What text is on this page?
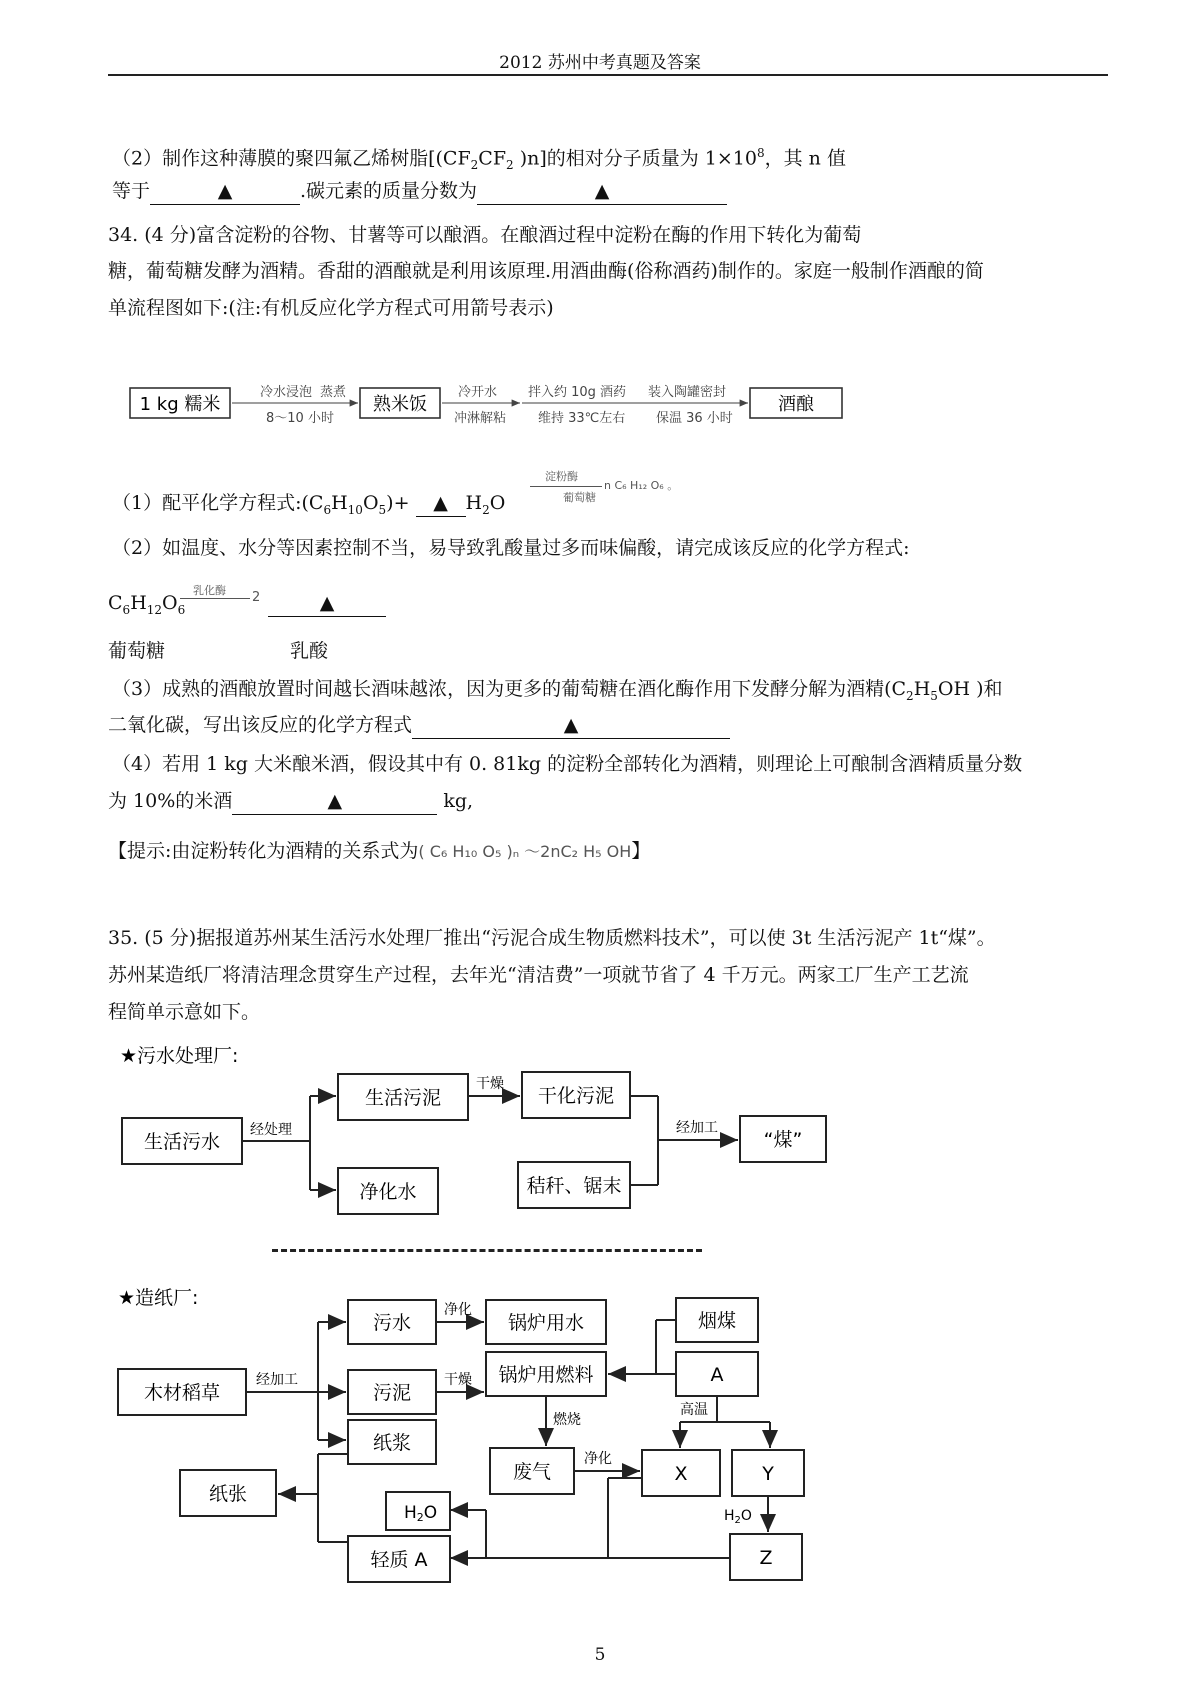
2012 苏州中考真题及答案
（2）制作这种薄膜的聚四氟乙烯树脂[($CF_2CF_2$ )n]的相对分子质量为 $1\times 10^8$，其 n 值
等于	▲	.碳元素的质量分数为	▲
34. (4 分)富含淀粉的谷物、甘薯等可以酿酒。在酿酒过程中淀粉在酶的作用下转化为葡萄
糖，葡萄糖发酵为酒精。香甜的酒酿就是利用该原理.用酒曲酶(俗称酒药)制作的。家庭一般制作酒酿的简
单流程图如下:(注:有机反应化学方程式可用箭号表示)
1 kg 糯米
冷水浸泡 蒸煮
8～10 小时
熟米饭
冷开水
冲淋解粘
拌入约 10g 酒药
维持 33℃左右
装入陶罐密封
保温 36 小时
酒酿
（1）配平化学方程式$:(C_6H_{10}O_5)+$ ▲ $H_2O$
淀粉酶
n C₆ H₁₂ O₆ 。
葡萄糖
（2）如温度、水分等因素控制不当，易导致乳酸量过多而味偏酸，请完成该反应的化学方程式:
$C_6H_{12}O_6$
乳化酶 2	▲
葡萄糖	乳酸
（3）成熟的酒酿放置时间越长酒味越浓，因为更多的葡萄糖在酒化酶作用下发酵分解为酒精($C_2H_5OH$ )和
二氧化碳，写出该反应的化学方程式	▲
（4）若用 1 kg 大米酿米酒，假设其中有 0. 81kg 的淀粉全部转化为酒精，则理论上可酿制含酒精质量分数
为 10%的米酒	▲	kg,
【提示:由淀粉转化为酒精的关系式为( C₆ H₁₀ O₅ )ₙ ～2nC₂ H₅ OH】
35. (5 分)据报道苏州某生活污水处理厂推出“污泥合成生物质燃料技术”，可以使 3t 生活污泥产 1t“煤”。
苏州某造纸厂将清洁理念贯穿生产过程，去年光“清洁费”一项就节省了 4 千万元。两家工厂生产工艺流
程简单示意如下。
★污水处理厂:
生活污水
经处理
生活污泥
净化水
干燥
干化污泥
秸秆、锯末
经加工
“煤”
★造纸厂:
木材稻草
经加工
污水
污泥
纸浆
纸张
净化
锅炉用水
干燥 锅炉用燃料
烟煤
A
燃烧
废气
净化
高温
X	Y
$H_2O$
Z
H2O
轻质 A
5
